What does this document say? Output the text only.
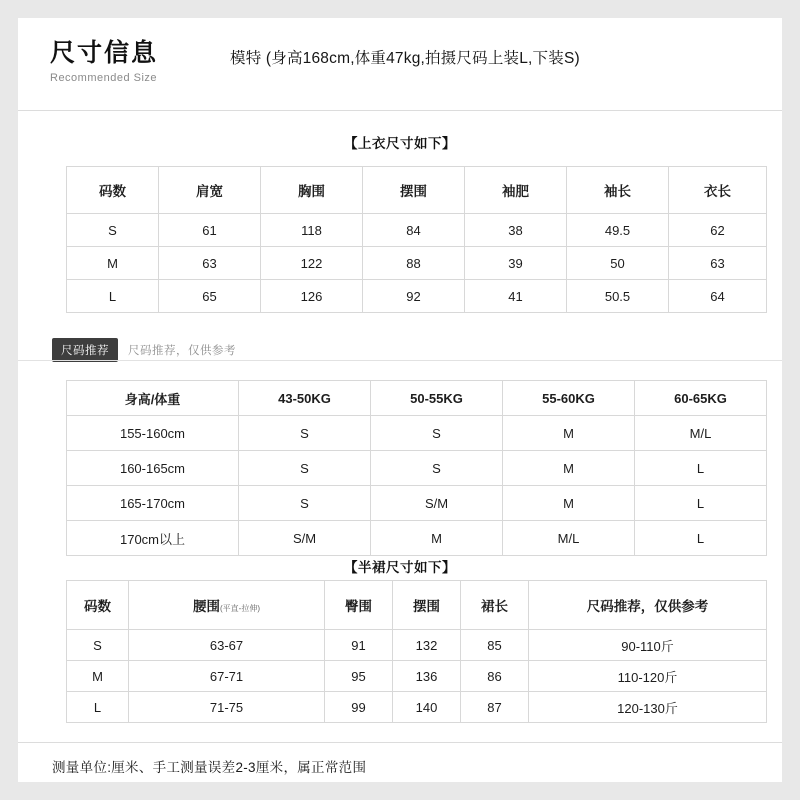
尺寸信息
Recommended Size
模特 (身高168cm,体重47kg,拍摄尺码上装L,下装S)
【上衣尺寸如下】
码数	肩宽	胸围	摆围	袖肥	袖长	衣长
S	61	118	84	38	49.5	62
M	63	122	88	39	50	63
L	65	126	92	41	50.5	64
尺码推荐	尺码推荐，仅供参考
身高/体重	43-50KG	50-55KG	55-60KG	60-65KG
155-160cm	S	S	M	M/L
160-165cm	S	S	M	L
165-170cm	S	S/M	M	L
170cm以上	S/M	M	M/L	L
【半裙尺寸如下】
码数	腰围(平直-拉伸)	臀围	摆围	裙长	尺码推荐，仅供参考
S	63-67	91	132	85	90-110斤
M	67-71	95	136	86	110-120斤
L	71-75	99	140	87	120-130斤
测量单位:厘米、手工测量误差2-3厘米，属正常范围
